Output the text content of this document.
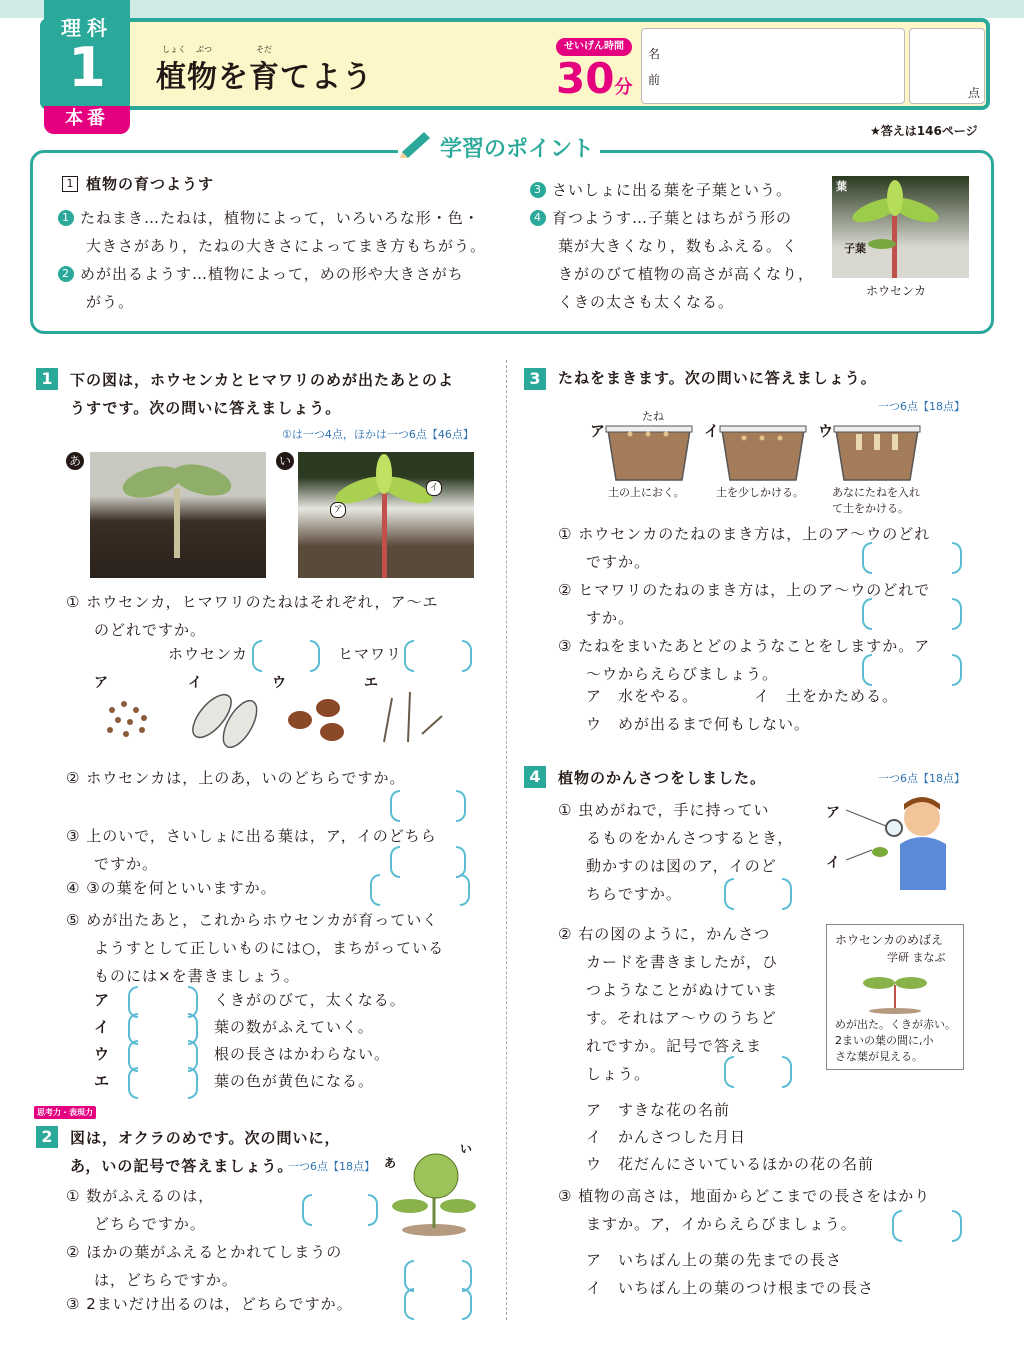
理科
1
本番
しょく ぶつ	そだ
植物を育てよう
せいげん時間
30分
名
前
点
★答えは146ページ
学習のポイント
1 植物の育つようす
1 たねまき…たねは，植物によって，いろいろな形・色・
大きさがあり，たねの大きさによってまき方もちがう。
2 めが出るようす…植物によって，めの形や大きさがち
がう。
3 さいしょに出る葉を子葉という。
4 育つようす…子葉とはちがう形の
葉が大きくなり，数もふえる。く
きがのびて植物の高さが高くなり，
くきの太さも太くなる。
葉
子葉
ホウセンカ
1	下の図は，ホウセンカとヒマワリのめが出たあとのよ
うすです。次の問いに答えましょう。
①は一つ4点，ほかは一つ6点【46点】
あ	い
ア
イ
① ホウセンカ，ヒマワリのたねはそれぞれ，ア～エ
のどれですか。
ホウセンカ	ヒマワリ
ア	イ	ウ	エ
② ホウセンカは，上のあ，いのどちらですか。
③ 上のいで，さいしょに出る葉は，ア，イのどちら
ですか。
④ ③の葉を何といいますか。
⑤ めが出たあと，これからホウセンカが育っていく
ようすとして正しいものには○，まちがっている
ものには×を書きましょう。
ア	くきがのびて，太くなる。
イ	葉の数がふえていく。
ウ	根の長さはかわらない。
エ	葉の色が黄色になる。
思考力・表現力
2	図は，オクラのめです。次の問いに，
あ，いの記号で答えましょう。
一つ6点【18点】 あ
い
① 数がふえるのは，
どちらですか。
② ほかの葉がふえるとかれてしまうの
は，どちらですか。
③ 2まいだけ出るのは，どちらですか。
3	たねをまきます。次の問いに答えましょう。
一つ6点【18点】
ア	イ	ウ
たね
土の上におく。	土を少しかける。	あなにたねを入れ
て土をかける。
① ホウセンカのたねのまき方は，上のア～ウのどれ
ですか。
② ヒマワリのたねのまき方は，上のア～ウのどれで
すか。
③ たねをまいたあとどのようなことをしますか。ア
～ウからえらびましょう。
ア　水をやる。	イ　土をかためる。
ウ　めが出るまで何もしない。
4	植物のかんさつをしました。	一つ6点【18点】
① 虫めがねで，手に持ってい
るものをかんさつするとき，
動かすのは図のア，イのど
ちらですか。
ア
イ
② 右の図のように，かんさつ
カードを書きましたが，ひ
つようなことがぬけていま
す。それはア～ウのうちど
れですか。記号で答えま
しょう。
ホウセンカのめばえ
学研 まなぶ
めが出た。くきが赤い。
2まいの葉の間に,小
さな葉が見える。
ア　すきな花の名前
イ　かんさつした月日
ウ　花だんにさいているほかの花の名前
③ 植物の高さは，地面からどこまでの長さをはかり
ますか。ア，イからえらびましょう。
ア　いちばん上の葉の先までの長さ
イ　いちばん上の葉のつけ根までの長さ
